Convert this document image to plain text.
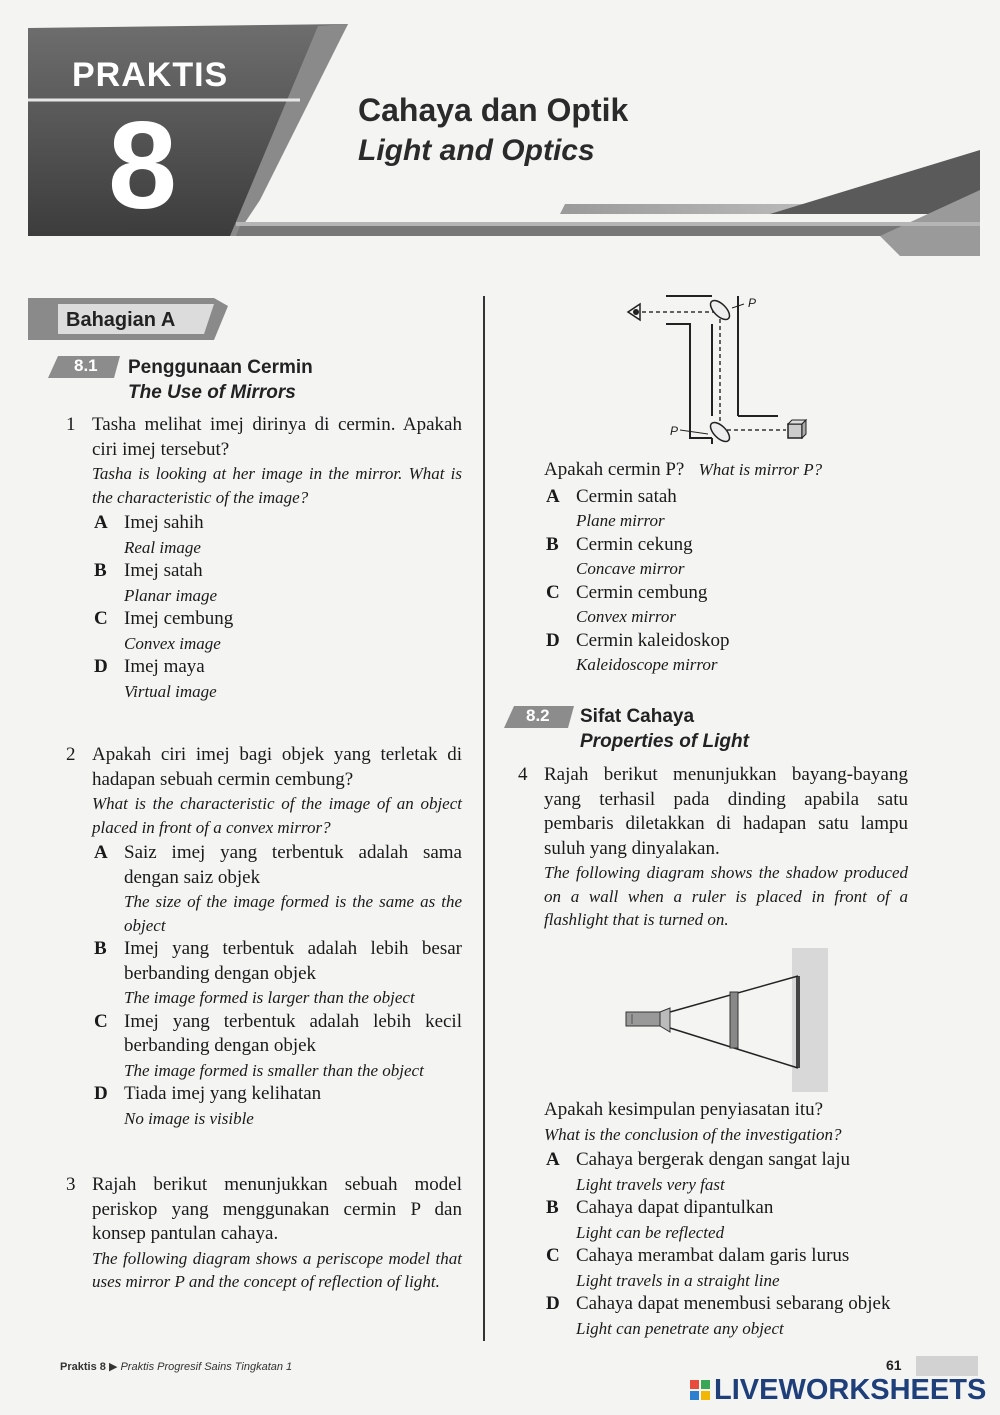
PRAKTIS
8	Cahaya dan Optik
Light and Optics
Bahagian A
8.1 Penggunaan Cermin
The Use of Mirrors
1 Tasha melihat imej dirinya di cermin. Apakah ciri imej tersebut?
Tasha is looking at her image in the mirror. What is the characteristic of the image?
A Imej sahih
Real image
B Imej satah
Planar image
C Imej cembung
Convex image
D Imej maya
Virtual image
2 Apakah ciri imej bagi objek yang terletak di hadapan sebuah cermin cembung?
What is the characteristic of the image of an object placed in front of a convex mirror?
A Saiz imej yang terbentuk adalah sama dengan saiz objek
The size of the image formed is the same as the object
B Imej yang terbentuk adalah lebih besar berbanding dengan objek
The image formed is larger than the object
C Imej yang terbentuk adalah lebih kecil berbanding dengan objek
The image formed is smaller than the object
D Tiada imej yang kelihatan
No image is visible
3 Rajah berikut menunjukkan sebuah model periskop yang menggunakan cermin P dan konsep pantulan cahaya.
The following diagram shows a periscope model that uses mirror P and the concept of reflection of light.
P
P
Apakah cermin P? What is mirror P?
A Cermin satah
Plane mirror
B Cermin cekung
Concave mirror
C Cermin cembung
Convex mirror
D Cermin kaleidoskop
Kaleidoscope mirror
8.2 Sifat Cahaya
Properties of Light
4 Rajah berikut menunjukkan bayang-bayang yang terhasil pada dinding apabila satu pembaris diletakkan di hadapan satu lampu suluh yang dinyalakan.
The following diagram shows the shadow produced on a wall when a ruler is placed in front of a flashlight that is turned on.
Apakah kesimpulan penyiasatan itu?
What is the conclusion of the investigation?
A Cahaya bergerak dengan sangat laju
Light travels very fast
B Cahaya dapat dipantulkan
Light can be reflected
C Cahaya merambat dalam garis lurus
Light travels in a straight line
D Cahaya dapat menembusi sebarang objek
Light can penetrate any object
Praktis 8 ▶ Praktis Progresif Sains Tingkatan 1	61
LIVEWORKSHEETS
